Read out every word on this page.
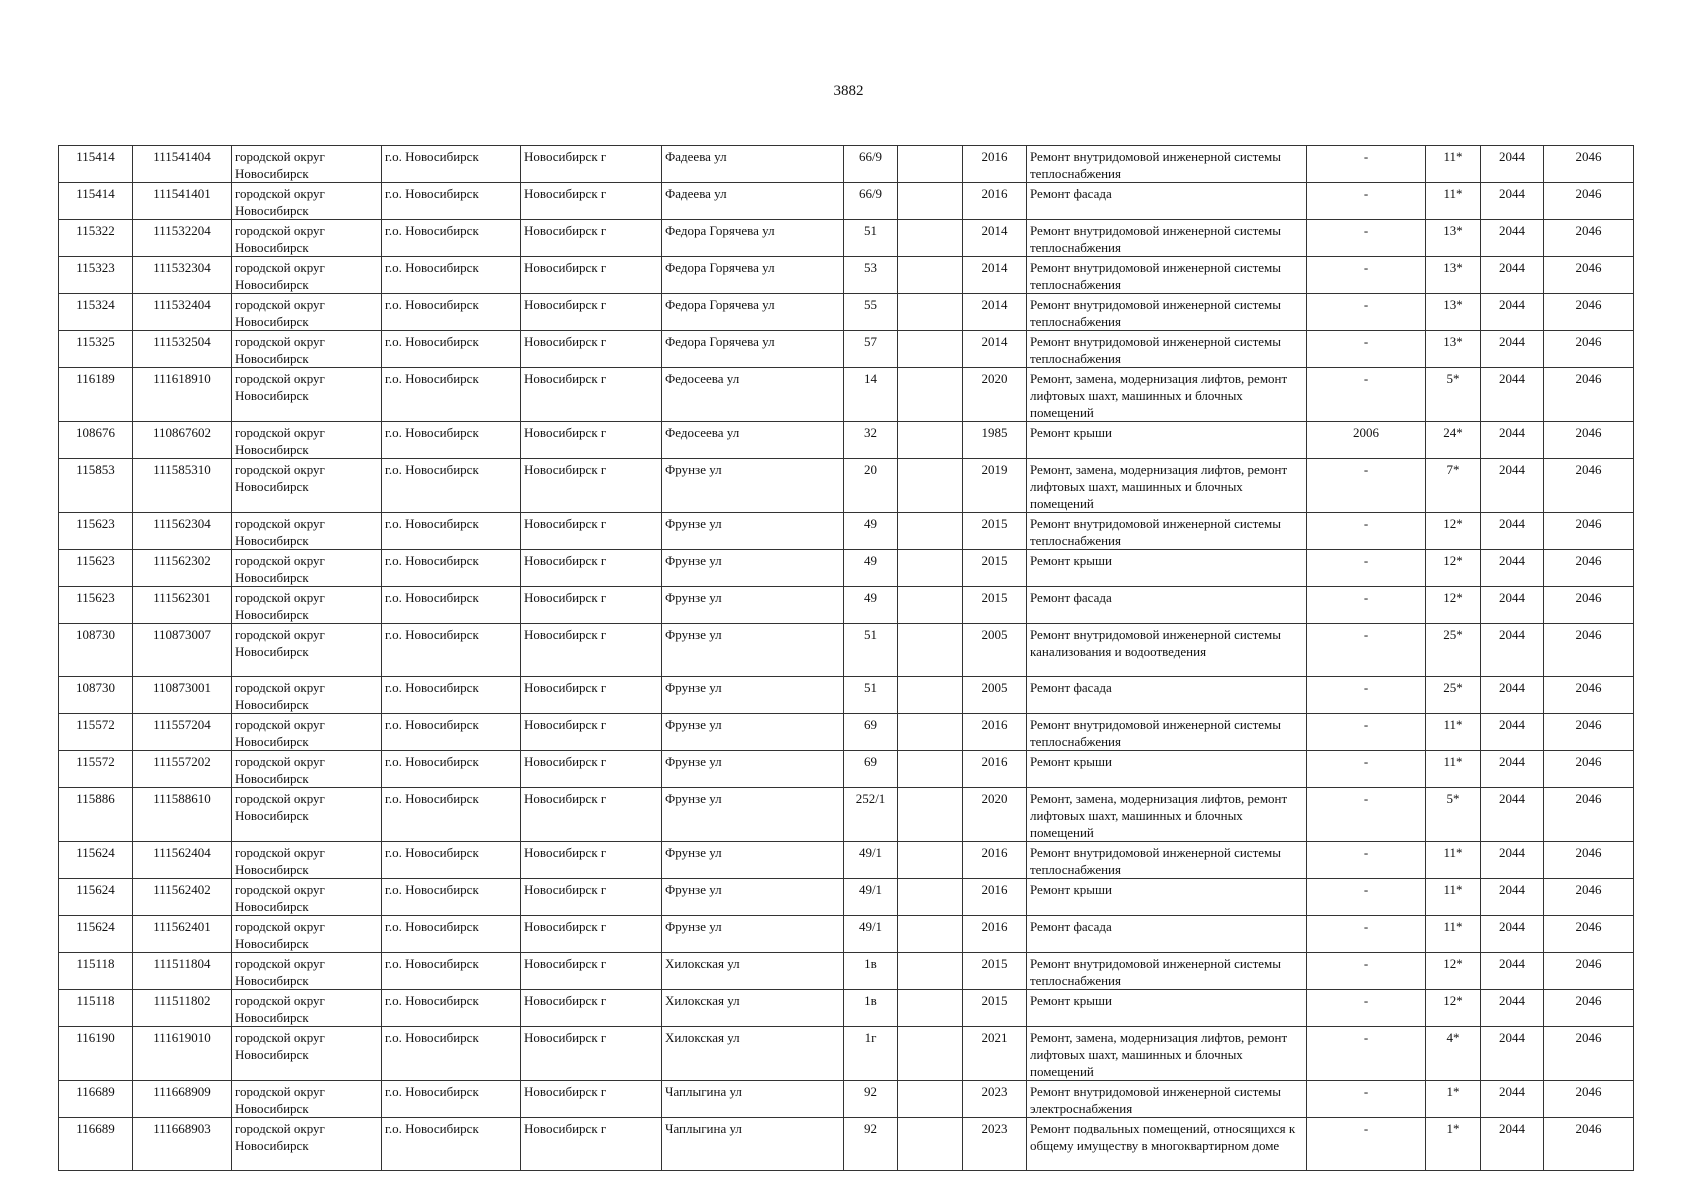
3882
115414	111541404	городской округ Новосибирск	г.о. Новосибирск	Новосибирск г	Фадеева ул	66/9		2016	Ремонт внутридомовой инженерной системы теплоснабжения	-	11*	2044	2046
115414	111541401	городской округ Новосибирск	г.о. Новосибирск	Новосибирск г	Фадеева ул	66/9		2016	Ремонт фасада	-	11*	2044	2046
115322	111532204	городской округ Новосибирск	г.о. Новосибирск	Новосибирск г	Федора Горячева ул	51		2014	Ремонт внутридомовой инженерной системы теплоснабжения	-	13*	2044	2046
115323	111532304	городской округ Новосибирск	г.о. Новосибирск	Новосибирск г	Федора Горячева ул	53		2014	Ремонт внутридомовой инженерной системы теплоснабжения	-	13*	2044	2046
115324	111532404	городской округ Новосибирск	г.о. Новосибирск	Новосибирск г	Федора Горячева ул	55		2014	Ремонт внутридомовой инженерной системы теплоснабжения	-	13*	2044	2046
115325	111532504	городской округ Новосибирск	г.о. Новосибирск	Новосибирск г	Федора Горячева ул	57		2014	Ремонт внутридомовой инженерной системы теплоснабжения	-	13*	2044	2046
116189	111618910	городской округ Новосибирск	г.о. Новосибирск	Новосибирск г	Федосеева ул	14		2020	Ремонт, замена, модернизация лифтов, ремонт лифтовых шахт, машинных и блочных помещений	-	5*	2044	2046
108676	110867602	городской округ Новосибирск	г.о. Новосибирск	Новосибирск г	Федосеева ул	32		1985	Ремонт крыши	2006	24*	2044	2046
115853	111585310	городской округ Новосибирск	г.о. Новосибирск	Новосибирск г	Фрунзе ул	20		2019	Ремонт, замена, модернизация лифтов, ремонт лифтовых шахт, машинных и блочных помещений	-	7*	2044	2046
115623	111562304	городской округ Новосибирск	г.о. Новосибирск	Новосибирск г	Фрунзе ул	49		2015	Ремонт внутридомовой инженерной системы теплоснабжения	-	12*	2044	2046
115623	111562302	городской округ Новосибирск	г.о. Новосибирск	Новосибирск г	Фрунзе ул	49		2015	Ремонт крыши	-	12*	2044	2046
115623	111562301	городской округ Новосибирск	г.о. Новосибирск	Новосибирск г	Фрунзе ул	49		2015	Ремонт фасада	-	12*	2044	2046
108730	110873007	городской округ Новосибирск	г.о. Новосибирск	Новосибирск г	Фрунзе ул	51		2005	Ремонт внутридомовой инженерной системы канализования и водоотведения	-	25*	2044	2046
108730	110873001	городской округ Новосибирск	г.о. Новосибирск	Новосибирск г	Фрунзе ул	51		2005	Ремонт фасада	-	25*	2044	2046
115572	111557204	городской округ Новосибирск	г.о. Новосибирск	Новосибирск г	Фрунзе ул	69		2016	Ремонт внутридомовой инженерной системы теплоснабжения	-	11*	2044	2046
115572	111557202	городской округ Новосибирск	г.о. Новосибирск	Новосибирск г	Фрунзе ул	69		2016	Ремонт крыши	-	11*	2044	2046
115886	111588610	городской округ Новосибирск	г.о. Новосибирск	Новосибирск г	Фрунзе ул	252/1		2020	Ремонт, замена, модернизация лифтов, ремонт лифтовых шахт, машинных и блочных помещений	-	5*	2044	2046
115624	111562404	городской округ Новосибирск	г.о. Новосибирск	Новосибирск г	Фрунзе ул	49/1		2016	Ремонт внутридомовой инженерной системы теплоснабжения	-	11*	2044	2046
115624	111562402	городской округ Новосибирск	г.о. Новосибирск	Новосибирск г	Фрунзе ул	49/1		2016	Ремонт крыши	-	11*	2044	2046
115624	111562401	городской округ Новосибирск	г.о. Новосибирск	Новосибирск г	Фрунзе ул	49/1		2016	Ремонт фасада	-	11*	2044	2046
115118	111511804	городской округ Новосибирск	г.о. Новосибирск	Новосибирск г	Хилокская ул	1в		2015	Ремонт внутридомовой инженерной системы теплоснабжения	-	12*	2044	2046
115118	111511802	городской округ Новосибирск	г.о. Новосибирск	Новосибирск г	Хилокская ул	1в		2015	Ремонт крыши	-	12*	2044	2046
116190	111619010	городской округ Новосибирск	г.о. Новосибирск	Новосибирск г	Хилокская ул	1г		2021	Ремонт, замена, модернизация лифтов, ремонт лифтовых шахт, машинных и блочных помещений	-	4*	2044	2046
116689	111668909	городской округ Новосибирск	г.о. Новосибирск	Новосибирск г	Чаплыгина ул	92		2023	Ремонт внутридомовой инженерной системы электроснабжения	-	1*	2044	2046
116689	111668903	городской округ Новосибирск	г.о. Новосибирск	Новосибирск г	Чаплыгина ул	92		2023	Ремонт подвальных помещений, относящихся к общему имуществу в многоквартирном доме	-	1*	2044	2046
